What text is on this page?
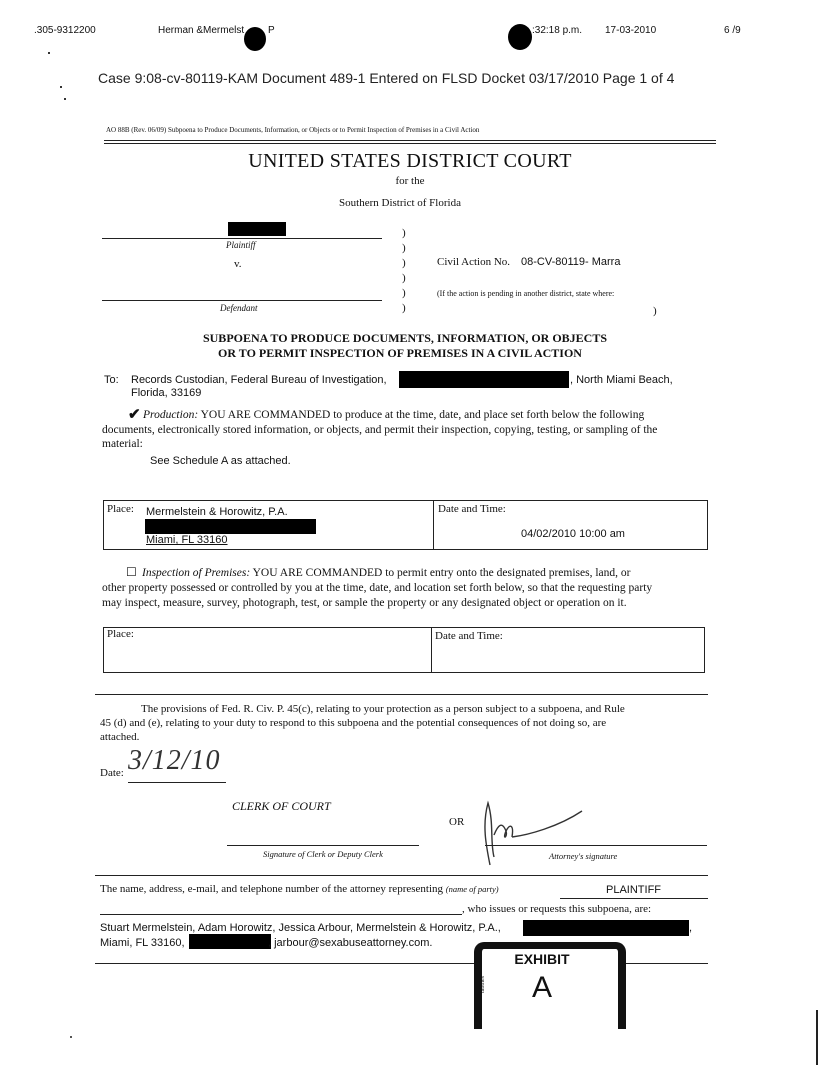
.305-9312200	Herman &Mermelst P	:32:18 p.m. 17-03-2010	6 /9
Case 9:08-cv-80119-KAM Document 489-1 Entered on FLSD Docket 03/17/2010 Page 1 of 4
AO 88B (Rev. 06/09) Subpoena to Produce Documents, Information, or Objects or to Permit Inspection of Premises in a Civil Action
UNITED STATES DISTRICT COURT
for the
Southern District of Florida
Plaintiff
v.
Defendant
)
)
)
)
)
)
Civil Action No. 08-CV-80119- Marra
(If the action is pending in another district, state where:
)
SUBPOENA TO PRODUCE DOCUMENTS, INFORMATION, OR OBJECTS
OR TO PERMIT INSPECTION OF PREMISES IN A CIVIL ACTION
To: Records Custodian, Federal Bureau of Investigation,	, North Miami Beach,
Florida, 33169
✔ Production: YOU ARE COMMANDED to produce at the time, date, and place set forth below the following
documents, electronically stored information, or objects, and permit their inspection, copying, testing, or sampling of the
material:
See Schedule A as attached.
Place: Mermelstein & Horowitz, P.A.
Miami, FL 33160
Date and Time:
04/02/2010 10:00 am
☐ Inspection of Premises: YOU ARE COMMANDED to permit entry onto the designated premises, land, or
other property possessed or controlled by you at the time, date, and location set forth below, so that the requesting party
may inspect, measure, survey, photograph, test, or sample the property or any designated object or operation on it.
Place:	Date and Time:
The provisions of Fed. R. Civ. P. 45(c), relating to your protection as a person subject to a subpoena, and Rule
45 (d) and (e), relating to your duty to respond to this subpoena and the potential consequences of not doing so, are
attached.
Date: 3/12/10
CLERK OF COURT
OR
Signature of Clerk or Deputy Clerk	Attorney's signature
The name, address, e-mail, and telephone number of the attorney representing (name of party)	PLAINTIFF
, who issues or requests this subpoena, are:
Stuart Mermelstein, Adam Horowitz, Jessica Arbour, Mermelstein & Horowitz, P.A.,	,
Miami, FL 33160,	, jarbour@sexabuseattorney.com.
EXHIBIT
A
tabbles
